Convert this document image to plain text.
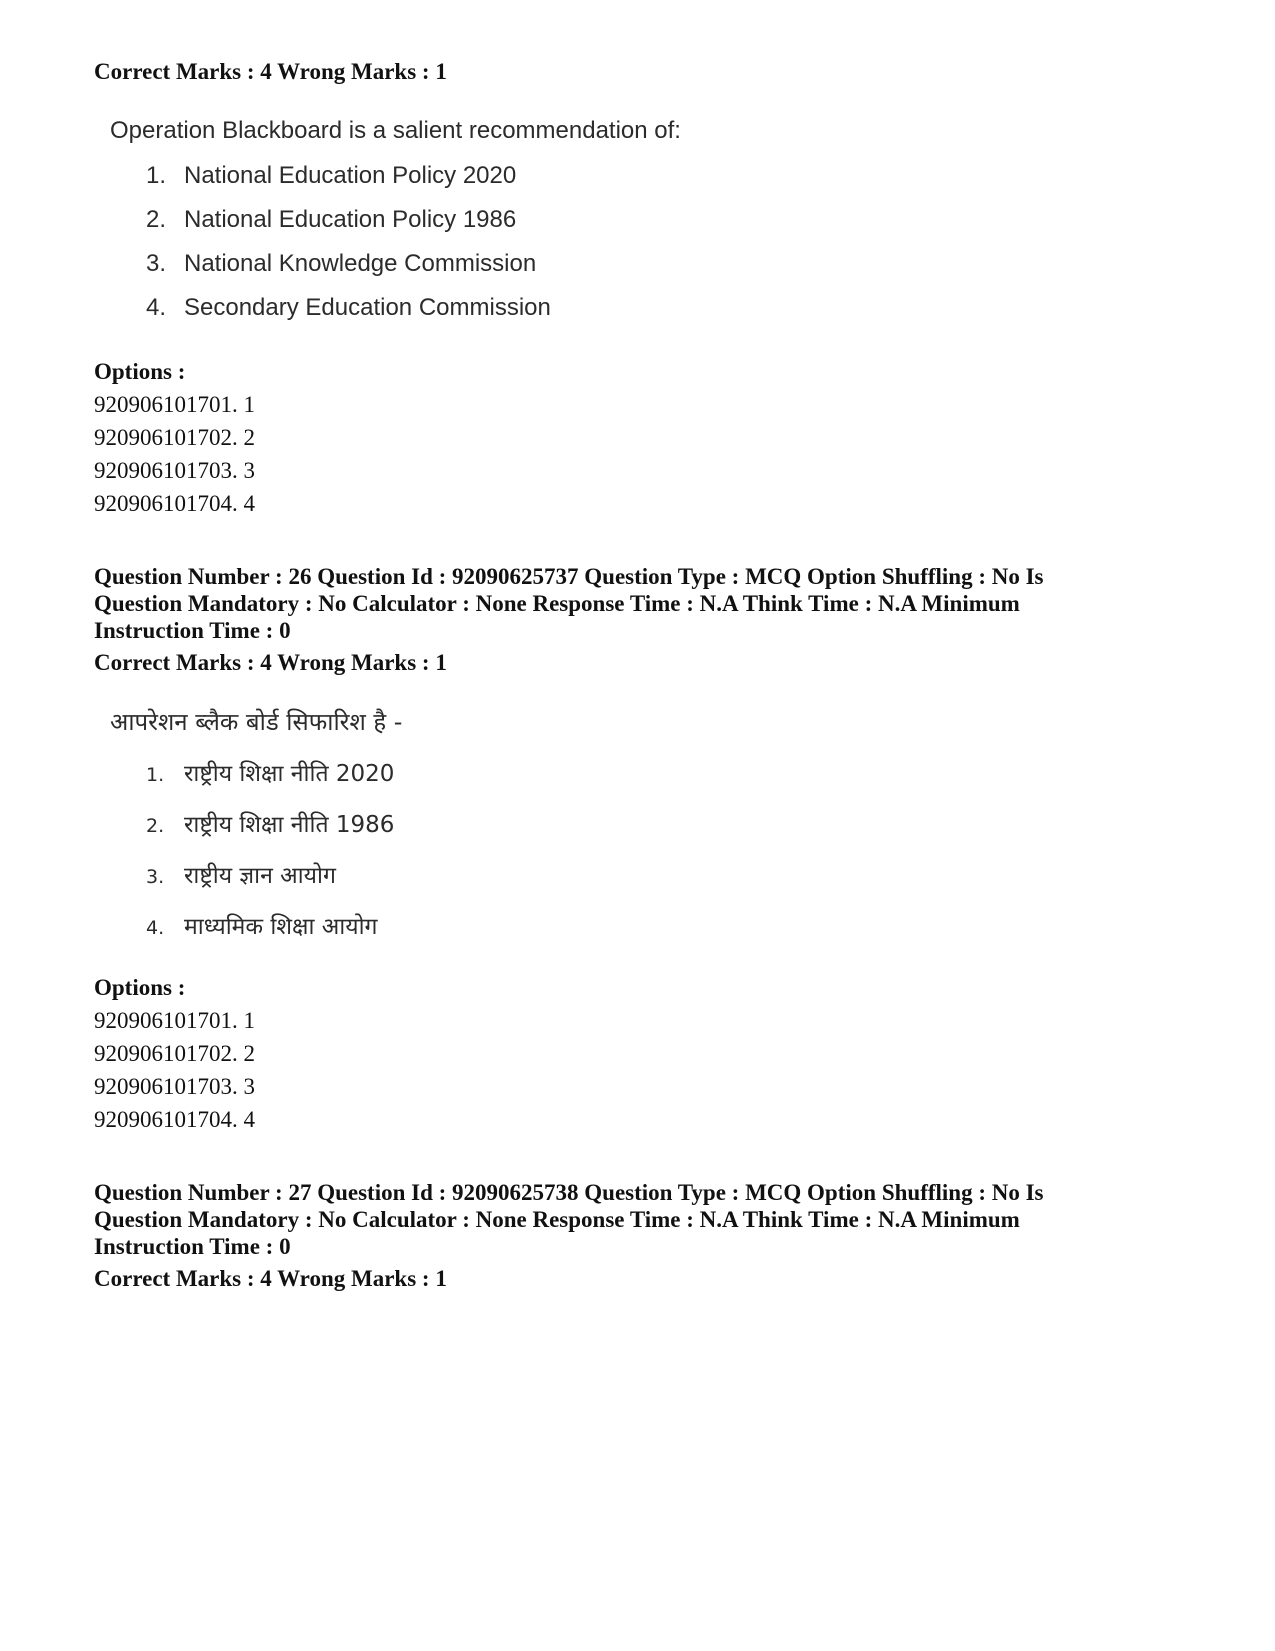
Correct Marks : 4 Wrong Marks : 1
Operation Blackboard is a salient recommendation of:
1. National Education Policy 2020
2. National Education Policy 1986
3. National Knowledge Commission
4. Secondary Education Commission
Options :
920906101701. 1
920906101702. 2
920906101703. 3
920906101704. 4
Question Number : 26 Question Id : 92090625737 Question Type : MCQ Option Shuffling : No Is
Question Mandatory : No Calculator : None Response Time : N.A Think Time : N.A Minimum
Instruction Time : 0
Correct Marks : 4 Wrong Marks : 1
आपरेशन ब्लैक बोर्ड सिफारिश है -
1. राष्ट्रीय शिक्षा नीति 2020
2. राष्ट्रीय शिक्षा नीति 1986
3. राष्ट्रीय ज्ञान आयोग
4. माध्यमिक शिक्षा आयोग
Options :
920906101701. 1
920906101702. 2
920906101703. 3
920906101704. 4
Question Number : 27 Question Id : 92090625738 Question Type : MCQ Option Shuffling : No Is
Question Mandatory : No Calculator : None Response Time : N.A Think Time : N.A Minimum
Instruction Time : 0
Correct Marks : 4 Wrong Marks : 1
